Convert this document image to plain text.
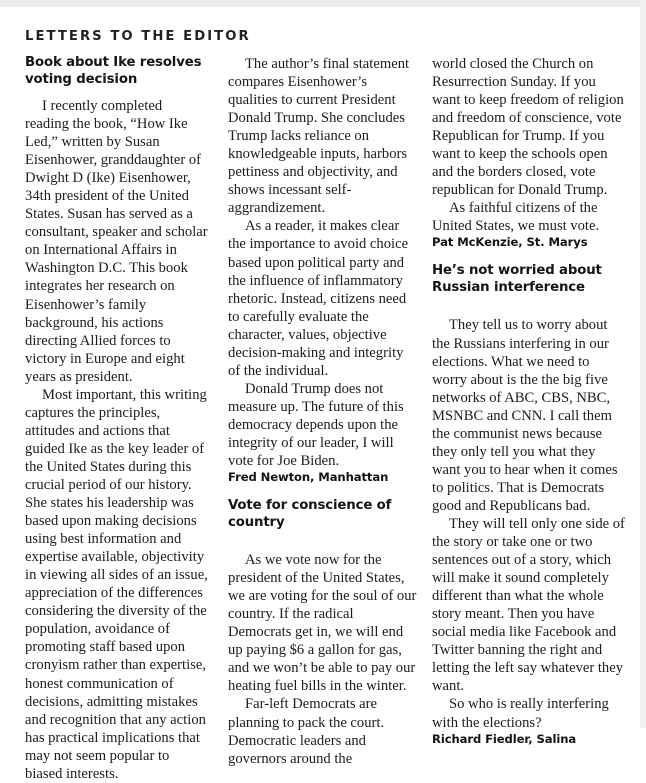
LETTERS TO THE EDITOR
Book about Ike resolves voting decision

I recently completed reading the book, “How Ike Led,” written by Susan Eisenhower, granddaughter of Dwight D (Ike) Eisenhower, 34th president of the United States. Susan has served as a consultant, speaker and scholar on International Affairs in Washington D.C. This book integrates her research on Eisenhower’s family background, his actions directing Allied forces to victory in Europe and eight years as president.

Most important, this writing captures the principles, attitudes and actions that guided Ike as the key leader of the United States during this crucial period of our history. She states his leadership was based upon making decisions using best information and expertise available, objectivity in viewing all sides of an issue, appreciation of the differences considering the diversity of the population, avoidance of promoting staff based upon cronyism rather than expertise, honest communication of decisions, admitting mistakes and recognition that any action has practical implications that may not seem popular to biased interests.

The author’s final statement compares Eisenhower’s qualities to current President Donald Trump. She concludes Trump lacks reliance on knowledgeable inputs, harbors pettiness and objectivity, and shows incessant self-aggrandizement.

As a reader, it makes clear the importance to avoid choice based upon political party and the influence of inflammatory rhetoric. Instead, citizens need to carefully evaluate the character, values, objective decision-making and integrity of the individual.

Donald Trump does not measure up. The future of this democracy depends upon the integrity of our leader, I will vote for Joe Biden.

Fred Newton, Manhattan

Vote for conscience of country

As we vote now for the president of the United States, we are voting for the soul of our country. If the radical Democrats get in, we will end up paying $6 a gallon for gas, and we won’t be able to pay our heating fuel bills in the winter.

Far-left Democrats are planning to pack the court. Democratic leaders and governors around the

world closed the Church on Resurrection Sunday. If you want to keep freedom of religion and freedom of conscience, vote Republican for Trump. If you want to keep the schools open and the borders closed, vote republican for Donald Trump.

As faithful citizens of the United States, we must vote.

Pat McKenzie, St. Marys

He’s not worried about Russian interference

They tell us to worry about the Russians interfering in our elections. What we need to worry about is the the big five networks of ABC, CBS, NBC, MSNBC and CNN. I call them the communist news because they only tell you what they want you to hear when it comes to politics. That is Democrats good and Republicans bad.

They will tell only one side of the story or take one or two sentences out of a story, which will make it sound completely different than what the whole story meant. Then you have social media like Facebook and Twitter banning the right and letting the left say whatever they want.

So who is really interfering with the elections?

Richard Fiedler, Salina
